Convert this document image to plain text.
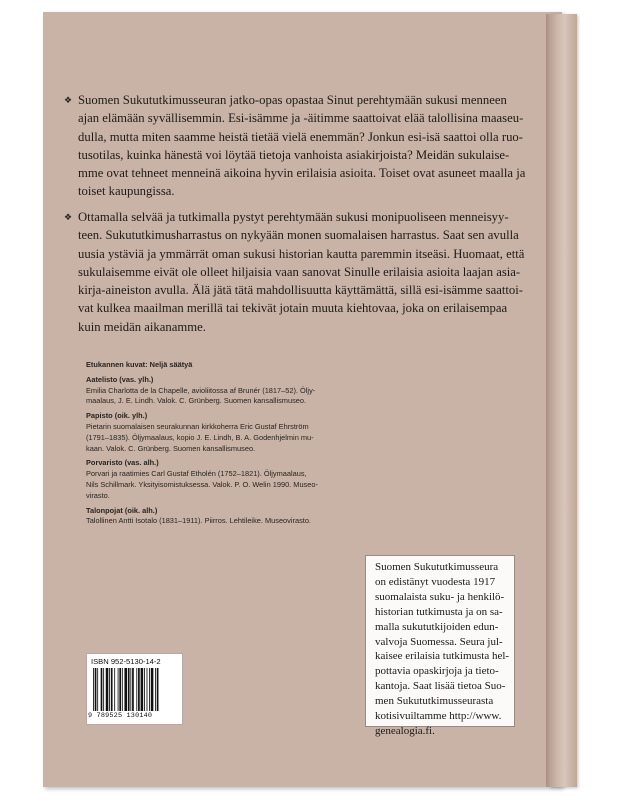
❖ Suomen Sukututkimusseuran jatko-opas opastaa Sinut perehtymään sukusi menneen
ajan elämään syvällisemmin. Esi-isämme ja -äitimme saattoivat elää talollisina maaseu-
dulla, mutta miten saamme heistä tietää vielä enemmän? Jonkun esi-isä saattoi olla ruo-
tusotilas, kuinka hänestä voi löytää tietoja vanhoista asiakirjoista? Meidän sukulaise-
mme ovat tehneet menneinä aikoina hyvin erilaisia asioita. Toiset ovat asuneet maalla ja
toiset kaupungissa.
❖ Ottamalla selvää ja tutkimalla pystyt perehtymään sukusi monipuoliseen menneisyy-
teen. Sukututkimusharrastus on nykyään monen suomalaisen harrastus. Saat sen avulla
uusia ystäviä ja ymmärrät oman sukusi historian kautta paremmin itseäsi. Huomaat, että
sukulaisemme eivät ole olleet hiljaisia vaan sanovat Sinulle erilaisia asioita laajan asia-
kirja-aineiston avulla. Älä jätä tätä mahdollisuutta käyttämättä, sillä esi-isämme saattoi-
vat kulkea maailman merillä tai tekivät jotain muuta kiehtovaa, joka on erilaisempaa
kuin meidän aikanamme.
Etukannen kuvat: Neljä säätyä
Aatelisto (vas. ylh.)
Emilia Charlotta de la Chapelle, avioliitossa af Brunér (1817–52). Öljy-
maalaus, J. E. Lindh. Valok. C. Grünberg. Suomen kansallismuseo.
Papisto (oik. ylh.)
Pietarin suomalaisen seurakunnan kirkkoherra Eric Gustaf Ehrström
(1791–1835). Öljymaalaus, kopio J. E. Lindh, B. A. Godenhjelmin mu-
kaan. Valok. C. Grünberg. Suomen kansallismuseo.
Porvaristo (vas. alh.)
Porvari ja raatimies Carl Gustaf Etholén (1752–1821). Öljymaalaus,
Nils Schillmark. Yksityisomistuksessa. Valok. P. O. Welin 1990. Museo-
virasto.
Talonpojat (oik. alh.)
Talollinen Antti Isotalo (1831–1911). Piirros. Lehtileike. Museovirasto.
Suomen Sukututkimusseura
on edistänyt vuodesta 1917
suomalaista suku- ja henkilö-
historian tutkimusta ja on sa-
malla sukututkijoiden edun-
valvoja Suomessa. Seura jul-
kaisee erilaisia tutkimusta hel-
pottavia opaskirjoja ja tieto-
kantoja. Saat lisää tietoa Suo-
men Sukututkimusseurasta
kotisivuiltamme http://www.
genealogia.fi.
ISBN 952-5130-14-2
9 789525 130140
